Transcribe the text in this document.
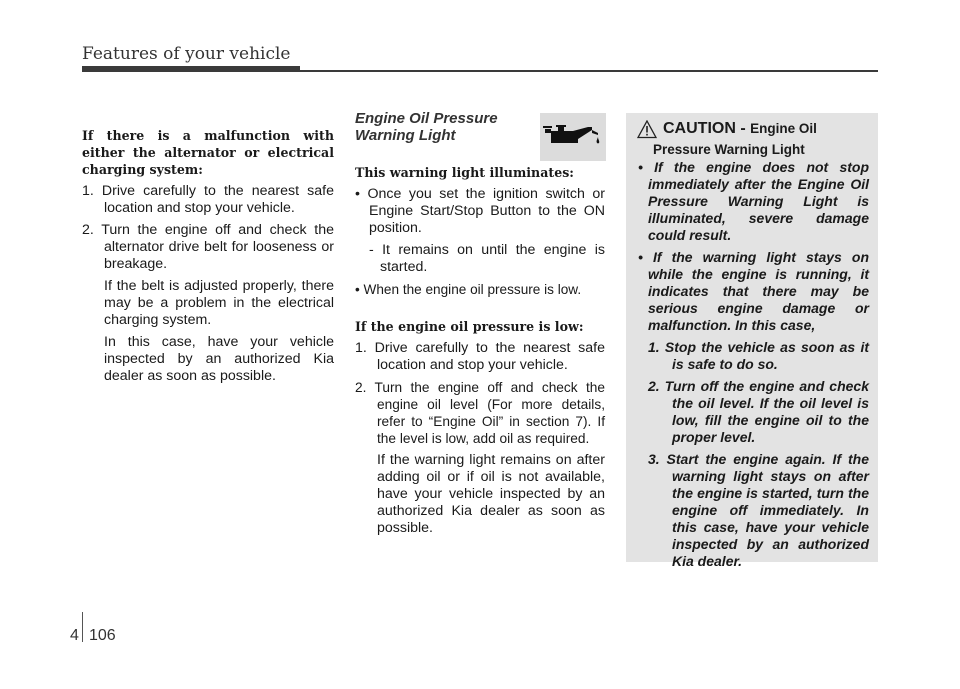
Features of your vehicle

If there is a malfunction with either the alternator or electrical charging system:

1. Drive carefully to the nearest safe location and stop your vehicle.

2. Turn the engine off and check the alternator drive belt for looseness or breakage.

If the belt is adjusted properly, there may be a problem in the electrical charging system.

In this case, have your vehicle inspected by an authorized Kia dealer as soon as possible.

Engine Oil Pressure
Warning Light

This warning light illuminates:

• Once you set the ignition switch or Engine Start/Stop Button to the ON position.

- It remains on until the engine is started.

• When the engine oil pressure is low.

If the engine oil pressure is low:

1. Drive carefully to the nearest safe location and stop your vehicle.

2. Turn the engine off and check the engine oil level (For more details, refer to “Engine Oil” in section 7). If the level is low, add oil as required.

If the warning light remains on after adding oil or if oil is not available, have your vehicle inspected by an authorized Kia dealer as soon as possible.

CAUTION - Engine Oil
Pressure Warning Light

• If the engine does not stop immediately after the Engine Oil Pressure Warning Light is illuminated, severe damage could result.

• If the warning light stays on while the engine is running, it indicates that there may be serious engine damage or malfunction. In this case,

1. Stop the vehicle as soon as it is safe to do so.

2. Turn off the engine and check the oil level. If the oil level is low, fill the engine oil to the proper level.

3. Start the engine again. If the warning light stays on after the engine is started, turn the engine off immediately. In this case, have your vehicle inspected by an authorized Kia dealer.

4 106
